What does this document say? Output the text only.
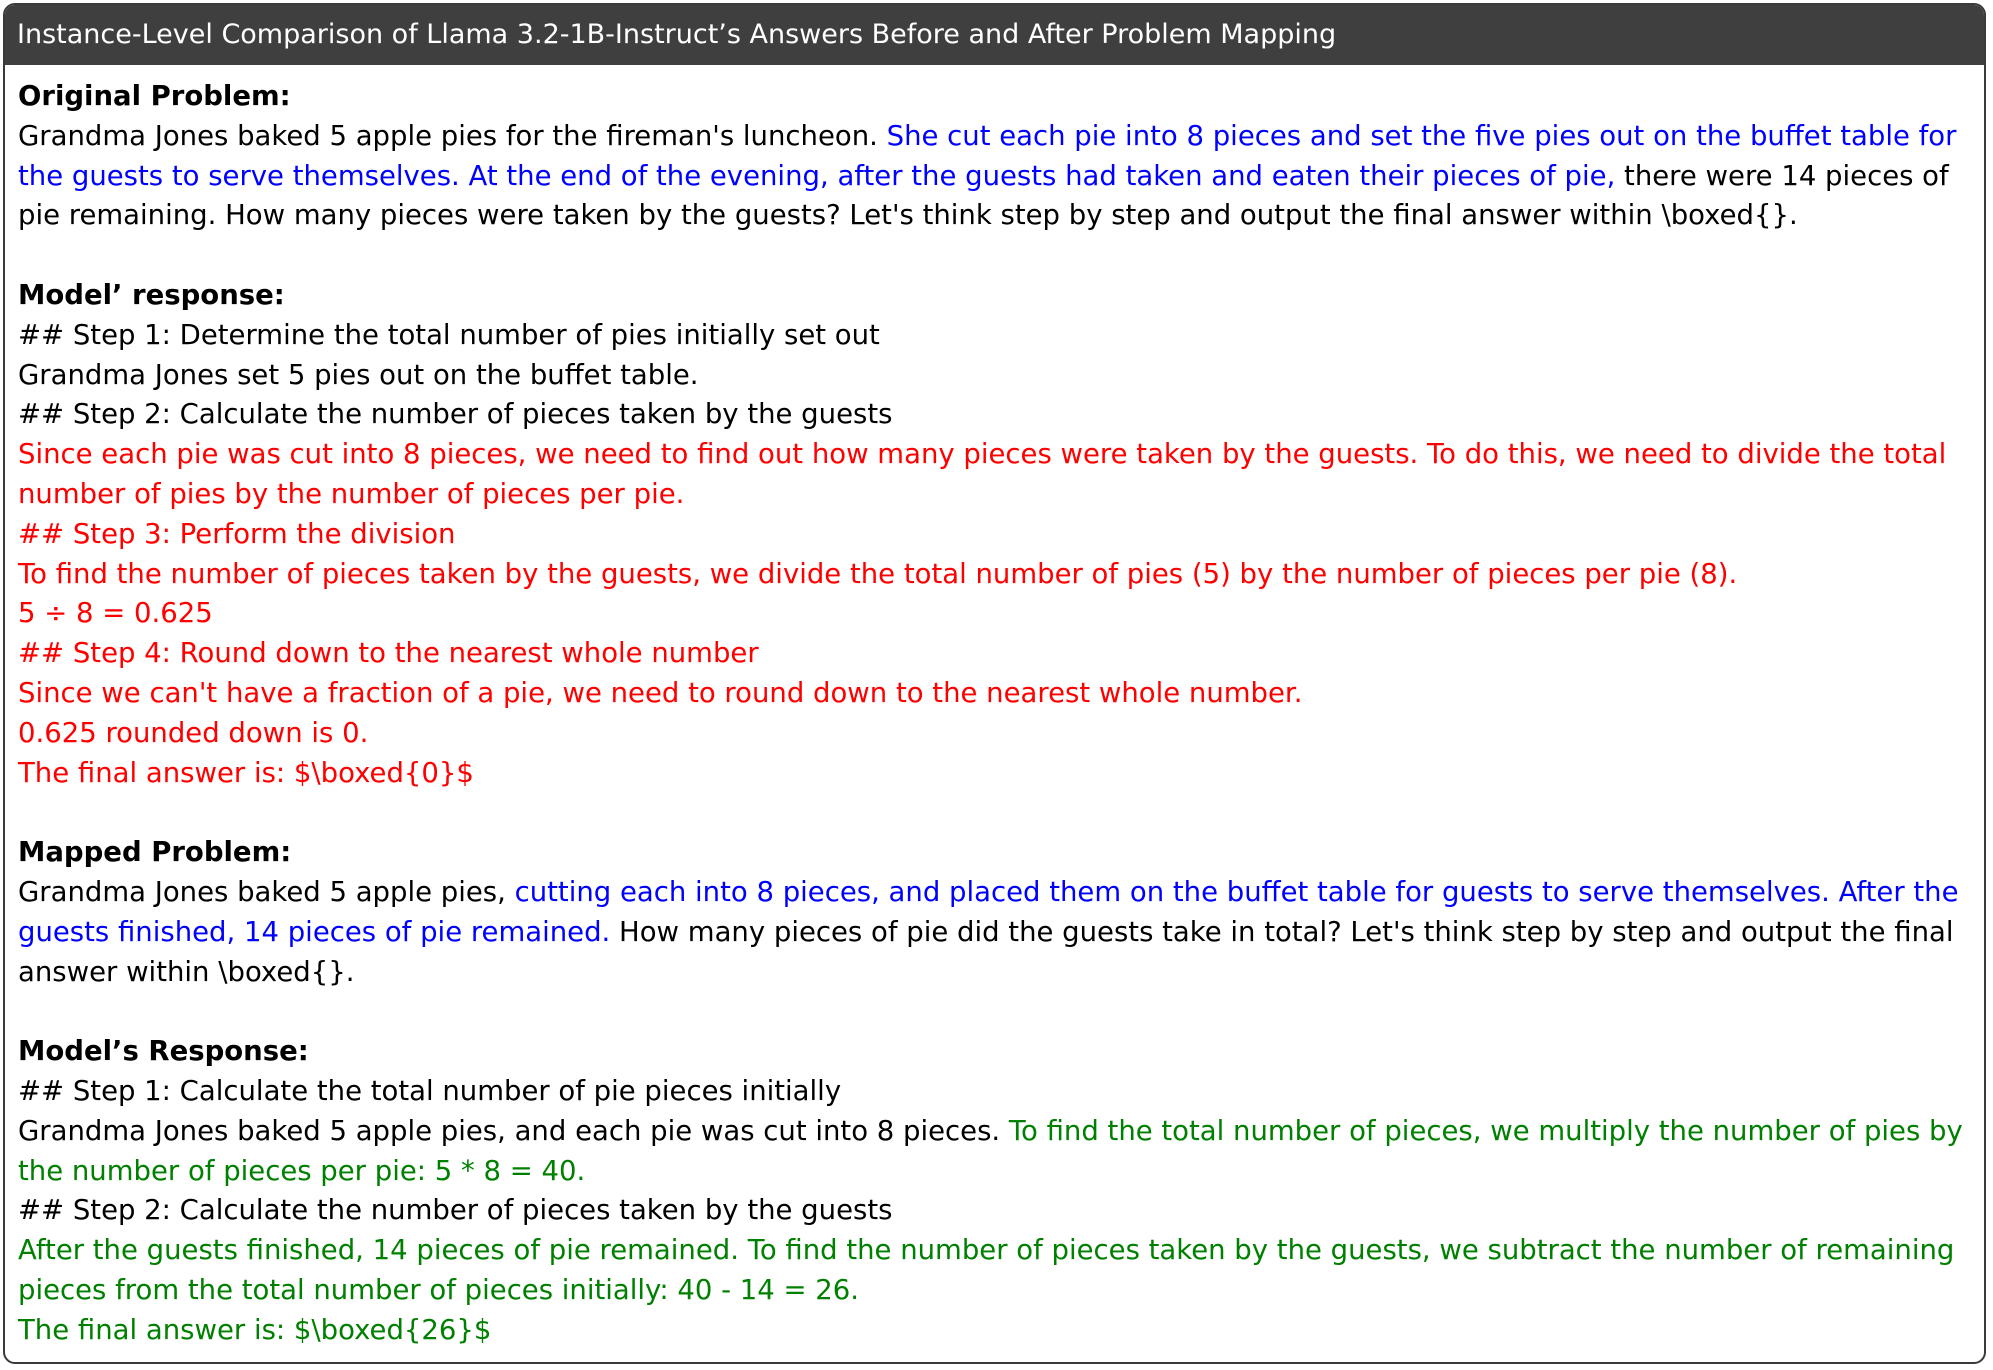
Instance-Level Comparison of Llama 3.2-1B-Instruct’s Answers Before and After Problem Mapping
Original Problem:

Grandma Jones baked 5 apple pies for the fireman's luncheon. She cut each pie into 8 pieces and set the five pies out on the buffet table for the guests to serve themselves. At the end of the evening, after the guests had taken and eaten their pieces of pie, there were 14 pieces of pie remaining. How many pieces were taken by the guests? Let's think step by step and output the final answer within \boxed{}.

Model’ response:
## Step 1: Determine the total number of pies initially set out
Grandma Jones set 5 pies out on the buffet table.
## Step 2: Calculate the number of pieces taken by the guests
Since each pie was cut into 8 pieces, we need to find out how many pieces were taken by the guests. To do this, we need to divide the total number of pies by the number of pieces per pie.
## Step 3: Perform the division
To find the number of pieces taken by the guests, we divide the total number of pies (5) by the number of pieces per pie (8).
5 ÷ 8 = 0.625
## Step 4: Round down to the nearest whole number
Since we can't have a fraction of a pie, we need to round down to the nearest whole number.
0.625 rounded down is 0.
The final answer is: $\boxed{0}$
Mapped Problem:

Grandma Jones baked 5 apple pies, cutting each into 8 pieces, and placed them on the buffet table for guests to serve themselves. After the guests finished, 14 pieces of pie remained. How many pieces of pie did the guests take in total? Let's think step by step and output the final answer within \boxed{}.

Model’s Response:
## Step 1: Calculate the total number of pie pieces initially

Grandma Jones baked 5 apple pies, and each pie was cut into 8 pieces. To find the total number of pieces, we multiply the number of pies by the number of pieces per pie: 5 * 8 = 40.

## Step 2: Calculate the number of pieces taken by the guests
After the guests finished, 14 pieces of pie remained. To find the number of pieces taken by the guests, we subtract the number of remaining pieces from the total number of pieces initially: 40 - 14 = 26.
The final answer is: $\boxed{26}$
